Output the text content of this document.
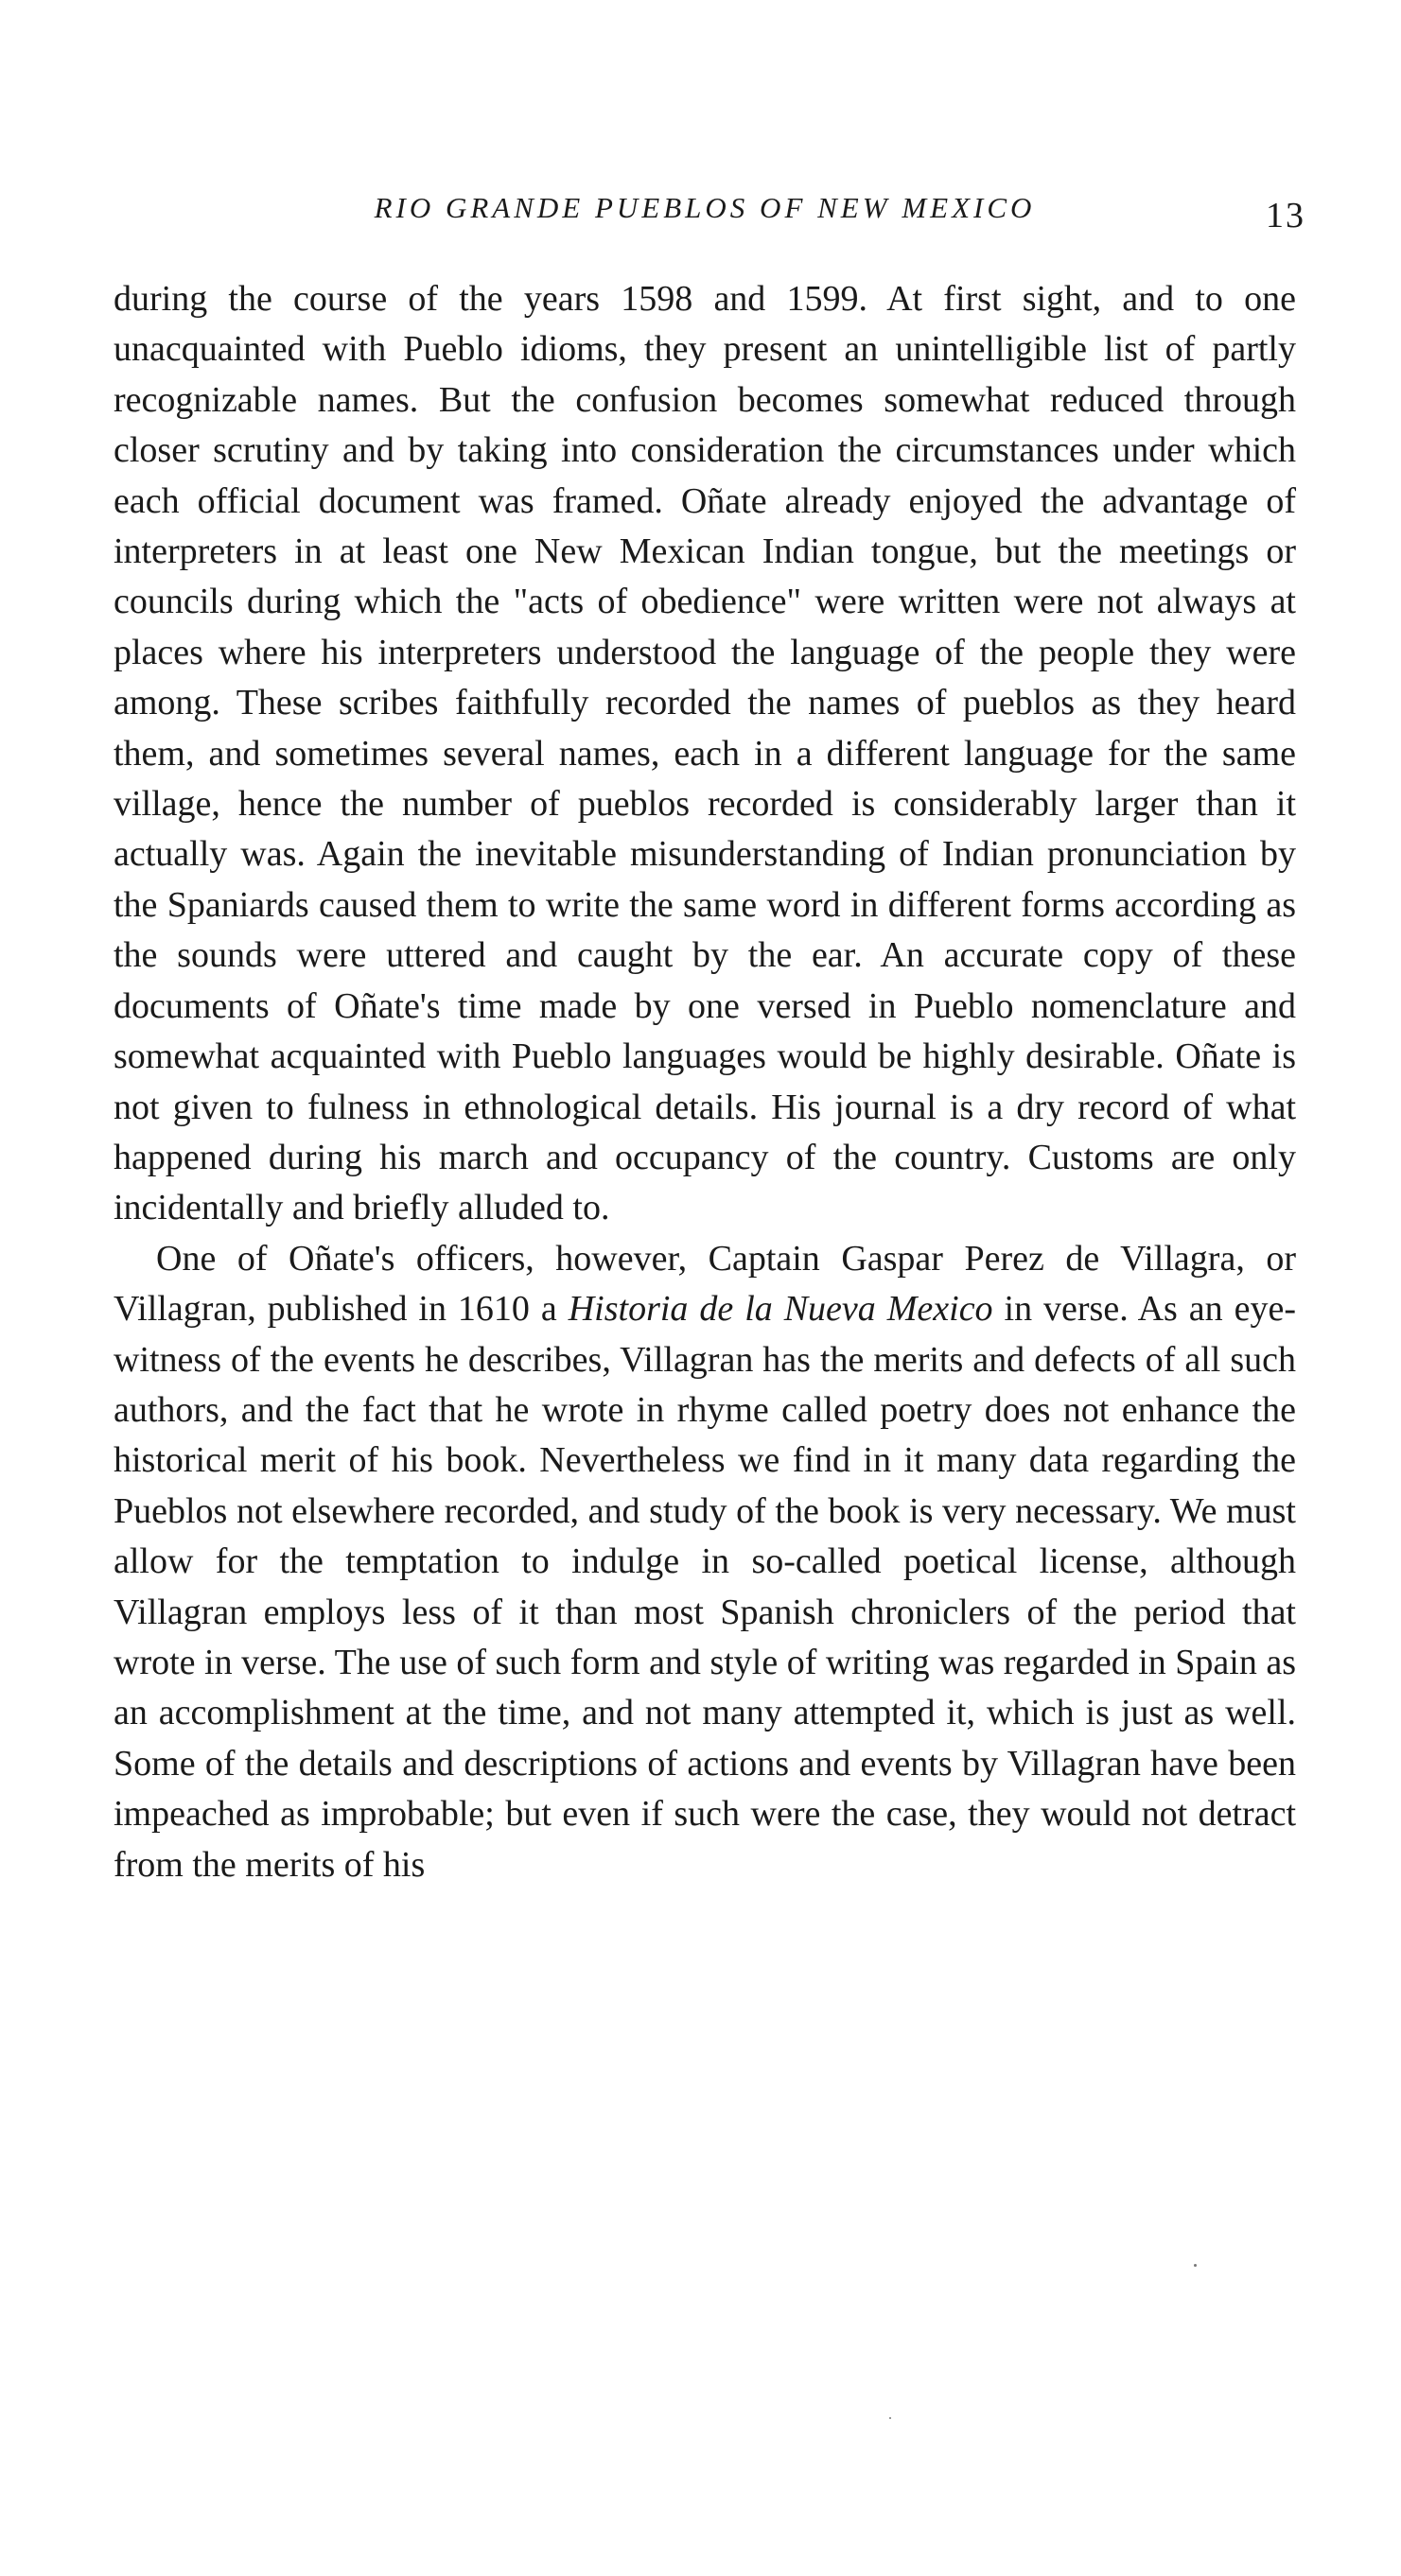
RIO GRANDE PUEBLOS OF NEW MEXICO	13

during the course of the years 1598 and 1599. At first sight, and to one unacquainted with Pueblo idioms, they present an unintelligible list of partly recognizable names. But the confusion becomes somewhat reduced through closer scrutiny and by taking into consideration the circumstances under which each official document was framed. Oñate already enjoyed the advantage of interpreters in at least one New Mexican Indian tongue, but the meetings or councils during which the "acts of obedience" were written were not always at places where his interpreters understood the language of the people they were among. These scribes faithfully recorded the names of pueblos as they heard them, and sometimes several names, each in a different language for the same village, hence the number of pueblos recorded is considerably larger than it actually was. Again the inevitable misunderstanding of Indian pronunciation by the Spaniards caused them to write the same word in different forms according as the sounds were uttered and caught by the ear. An accurate copy of these documents of Oñate's time made by one versed in Pueblo nomenclature and somewhat acquainted with Pueblo languages would be highly desirable. Oñate is not given to fulness in ethnological details. His journal is a dry record of what happened during his march and occupancy of the country. Customs are only incidentally and briefly alluded to.

One of Oñate's officers, however, Captain Gaspar Perez de Villagra, or Villagran, published in 1610 a Historia de la Nueva Mexico in verse. As an eye-witness of the events he describes, Villagran has the merits and defects of all such authors, and the fact that he wrote in rhyme called poetry does not enhance the historical merit of his book. Nevertheless we find in it many data regarding the Pueblos not elsewhere recorded, and study of the book is very necessary. We must allow for the temptation to indulge in so-called poetical license, although Villagran employs less of it than most Spanish chroniclers of the period that wrote in verse. The use of such form and style of writing was regarded in Spain as an accomplishment at the time, and not many attempted it, which is just as well. Some of the details and descriptions of actions and events by Villagran have been impeached as improbable; but even if such were the case, they would not detract from the merits of his
